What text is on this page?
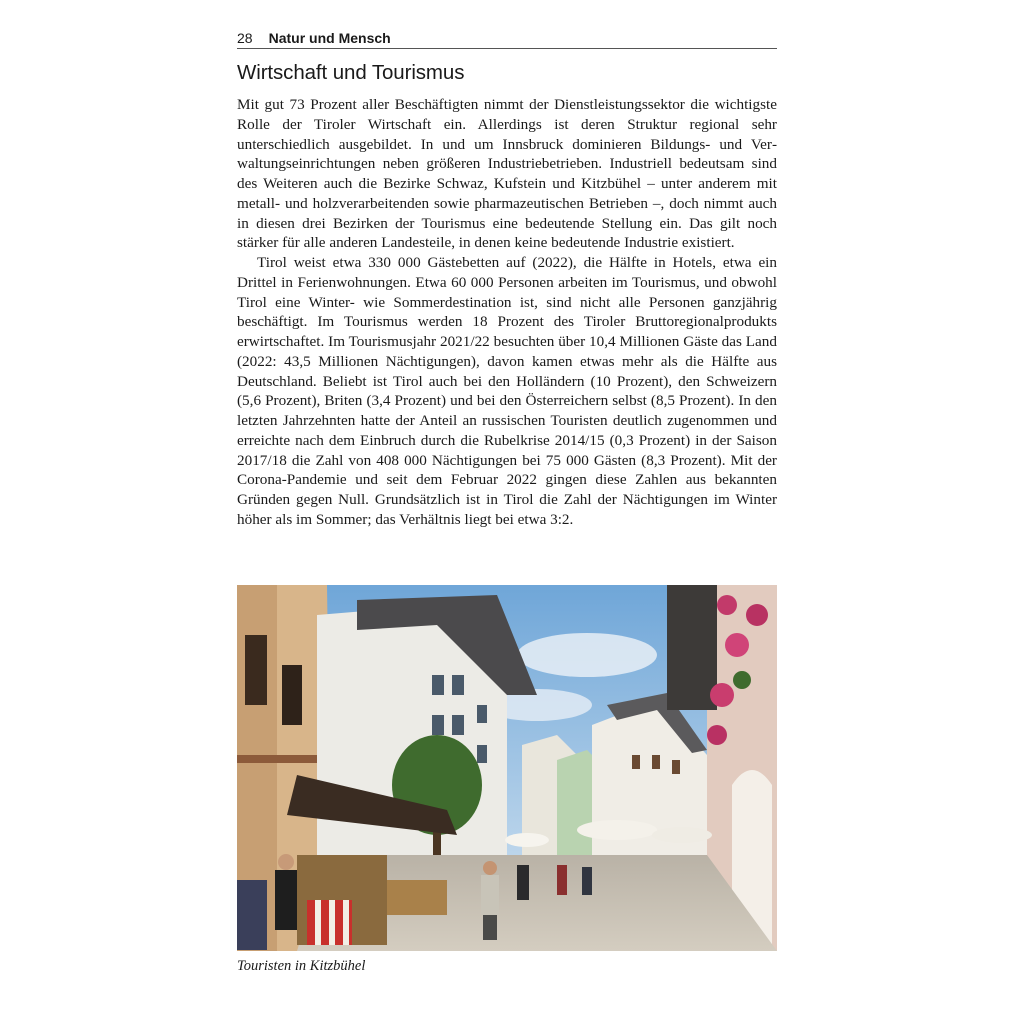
28 Natur und Mensch
Wirtschaft und Tourismus

Mit gut 73 Prozent aller Beschäftigten nimmt der Dienstleistungssektor die wichtigste Rolle der Tiroler Wirtschaft ein. Allerdings ist deren Struktur regional sehr unterschiedlich ausgebildet. In und um Innsbruck dominieren Bildungs- und Verwaltungseinrichtungen neben größeren Industriebetrieben. Industriell bedeutsam sind des Weiteren auch die Bezirke Schwaz, Kufstein und Kitzbühel – unter anderem mit metall- und holzverarbeitenden sowie pharmazeutischen Betrieben –, doch nimmt auch in diesen drei Bezirken der Tourismus eine bedeutende Stellung ein. Das gilt noch stärker für alle anderen Landesteile, in denen keine bedeutende Industrie existiert.

Tirol weist etwa 330 000 Gästebetten auf (2022), die Hälfte in Hotels, etwa ein Drittel in Ferienwohnungen. Etwa 60 000 Personen arbeiten im Tourismus, und obwohl Tirol eine Winter- wie Sommerdestination ist, sind nicht alle Personen ganzjährig beschäftigt. Im Tourismus werden 18 Prozent des Tiroler Bruttoregionalprodukts erwirtschaftet. Im Tourismusjahr 2021/22 besuchten über 10,4 Millionen Gäste das Land (2022: 43,5 Millionen Nächtigungen), davon kamen etwas mehr als die Hälfte aus Deutschland. Beliebt ist Tirol auch bei den Holländern (10 Prozent), den Schweizern (5,6 Prozent), Briten (3,4 Prozent) und bei den Österreichern selbst (8,5 Prozent). In den letzten Jahrzehnten hatte der Anteil an russischen Touristen deutlich zugenommen und erreichte nach dem Einbruch durch die Rubelkrise 2014/15 (0,3 Prozent) in der Saison 2017/18 die Zahl von 408 000 Nächtigungen bei 75 000 Gästen (8,3 Prozent). Mit der Corona-Pandemie und seit dem Februar 2022 gingen diese Zahlen aus bekannten Gründen gegen Null. Grundsätzlich ist in Tirol die Zahl der Nächtigungen im Winter höher als im Sommer; das Verhältnis liegt bei etwa 3:2.

Touristen in Kitzbühel
